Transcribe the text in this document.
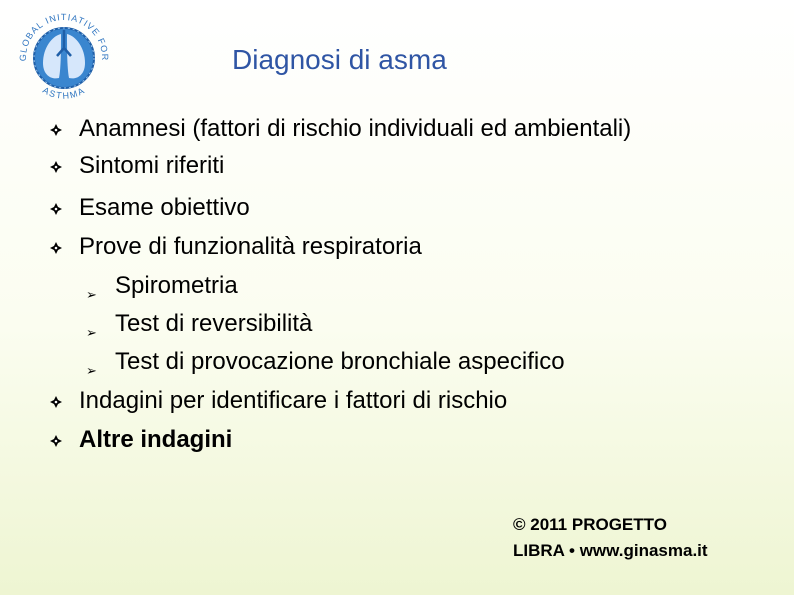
GLOBAL INITIATIVE FOR
ASTHMA
Diagnosi di asma
Anamnesi (fattori di rischio individuali ed ambientali)
Sintomi riferiti
Esame obiettivo
Prove di funzionalità respiratoria
➢ Spirometria
➢ Test di reversibilità
➢ Test di provocazione bronchiale aspecifico
Indagini per identificare i fattori di rischio
Altre indagini
© 2011 PROGETTO
LIBRA • www.ginasma.it
